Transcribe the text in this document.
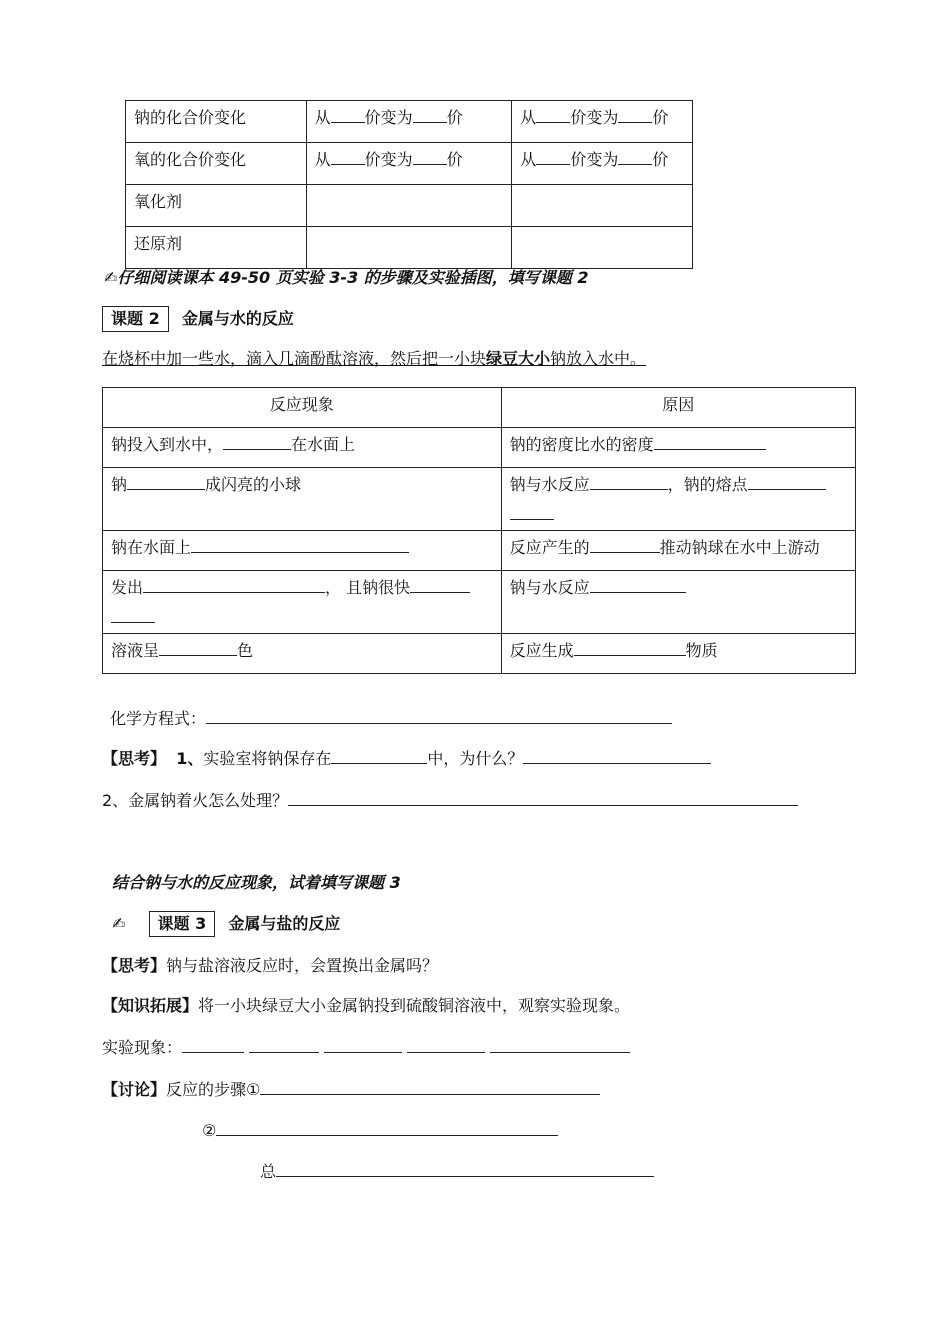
钠的化合价变化	从 价变为 价	从 价变为 价
氧的化合价变化	从 价变为 价	从 价变为 价
氧化剂		
还原剂		
✍仔细阅读课本 49-50 页实验 3-3 的步骤及实验插图，填写课题 2
课题 2 金属与水的反应
在烧杯中加一些水，滴入几滴酚酞溶液，然后把一小块绿豆大小钠放入水中。
反应现象	原因
钠投入到水中， 在水面上	钠的密度比水的密度
钠 成闪亮的小球	钠与水反应 ，钠的熔点

钠在水面上	反应产生的 推动钠球在水中上游动
发出 ， 且钠很快	钠与水反应
溶液呈 色	反应生成 物质
化学方程式：
【思考】 1、实验室将钠保存在	中，为什么？
2、金属钠着火怎么处理？
结合钠与水的反应现象，试着填写课题 3
✍ 课题 3 金属与盐的反应
【思考】钠与盐溶液反应时，会置换出金属吗？
【知识拓展】将一小块绿豆大小金属钠投到硫酸铜溶液中，观察实验现象。
实验现象：
【讨论】反应的步骤①
②
总
